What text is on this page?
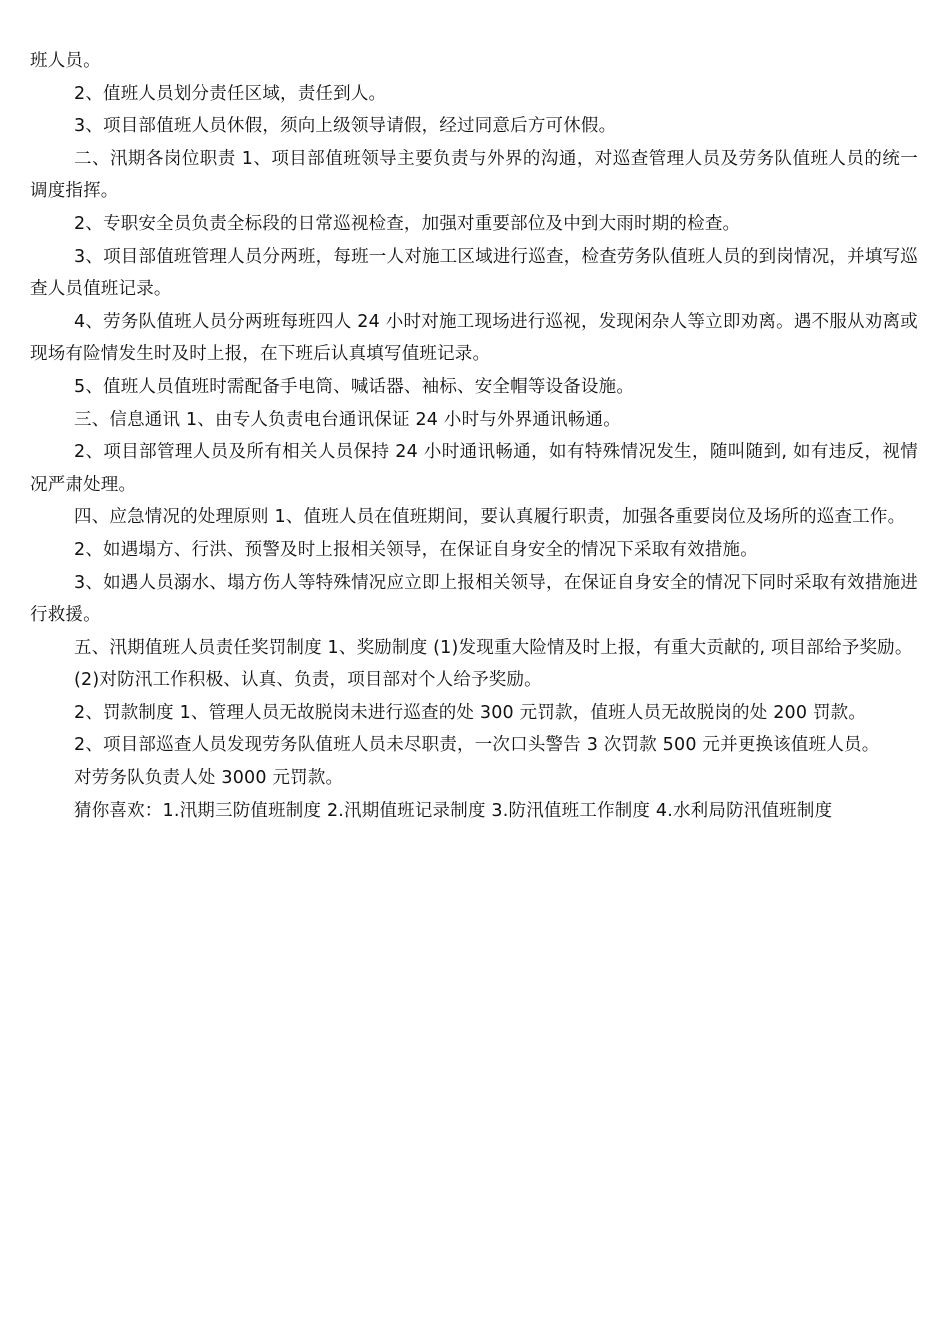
班人员。

2、值班人员划分责任区域，责任到人。

3、项目部值班人员休假，须向上级领导请假，经过同意后方可休假。

二、汛期各岗位职责 1、项目部值班领导主要负责与外界的沟通，对巡查管理人员及劳务队值班人员的统一调度指挥。

2、专职安全员负责全标段的日常巡视检查，加强对重要部位及中到大雨时期的检查。

3、项目部值班管理人员分两班，每班一人对施工区域进行巡查，检查劳务队值班人员的到岗情况，并填写巡查人员值班记录。

4、劳务队值班人员分两班每班四人 24 小时对施工现场进行巡视，发现闲杂人等立即劝离。遇不服从劝离或现场有险情发生时及时上报，在下班后认真填写值班记录。

5、值班人员值班时需配备手电筒、喊话器、袖标、安全帽等设备设施。

三、信息通讯 1、由专人负责电台通讯保证 24 小时与外界通讯畅通。

2、项目部管理人员及所有相关人员保持 24 小时通讯畅通，如有特殊情况发生，随叫随到, 如有违反，视情况严肃处理。

四、应急情况的处理原则 1、值班人员在值班期间，要认真履行职责，加强各重要岗位及场所的巡查工作。

2、如遇塌方、行洪、预警及时上报相关领导，在保证自身安全的情况下采取有效措施。

3、如遇人员溺水、塌方伤人等特殊情况应立即上报相关领导，在保证自身安全的情况下同时采取有效措施进行救援。

五、汛期值班人员责任奖罚制度 1、奖励制度 (1)发现重大险情及时上报，有重大贡献的, 项目部给予奖励。

(2)对防汛工作积极、认真、负责，项目部对个人给予奖励。

2、罚款制度 1、管理人员无故脱岗未进行巡查的处 300 元罚款，值班人员无故脱岗的处 200 罚款。

2、项目部巡查人员发现劳务队值班人员未尽职责，一次口头警告 3 次罚款 500 元并更换该值班人员。

对劳务队负责人处 3000 元罚款。

猜你喜欢：1.汛期三防值班制度 2.汛期值班记录制度 3.防汛值班工作制度 4.水利局防汛值班制度
